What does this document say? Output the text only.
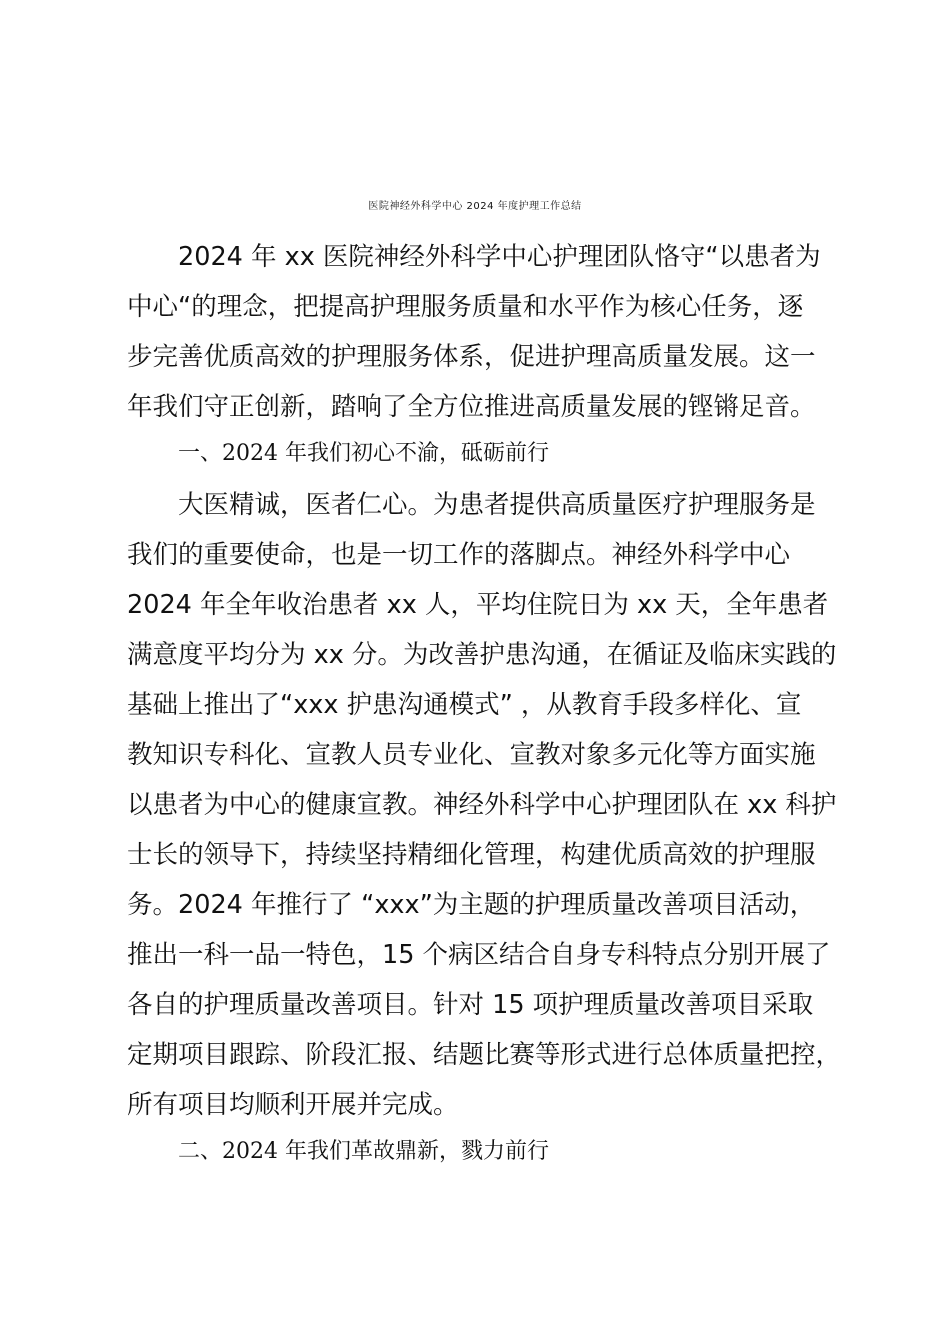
医院神经外科学中心 2024 年度护理工作总结

2024 年 xx 医院神经外科学中心护理团队恪守“以患者为

中心“的理念，把提高护理服务质量和水平作为核心任务，逐

步完善优质高效的护理服务体系，促进护理高质量发展。这一

年我们守正创新，踏响了全方位推进高质量发展的铿锵足音。

一、2024 年我们初心不渝，砥砺前行

大医精诚，医者仁心。为患者提供高质量医疗护理服务是

我们的重要使命，也是一切工作的落脚点。神经外科学中心

2024 年全年收治患者 xx 人，平均住院日为 xx 天，全年患者

满意度平均分为 xx 分。为改善护患沟通，在循证及临床实践的

基础上推出了“xxx 护患沟通模式” ，从教育手段多样化、宣

教知识专科化、宣教人员专业化、宣教对象多元化等方面实施

以患者为中心的健康宣教。神经外科学中心护理团队在 xx 科护

士长的领导下，持续坚持精细化管理，构建优质高效的护理服

务。2024 年推行了 “xxx”为主题的护理质量改善项目活动，

推出一科一品一特色，15 个病区结合自身专科特点分别开展了

各自的护理质量改善项目。针对 15 项护理质量改善项目采取

定期项目跟踪、阶段汇报、结题比赛等形式进行总体质量把控，

所有项目均顺利开展并完成。

二、2024 年我们革故鼎新，戮力前行
